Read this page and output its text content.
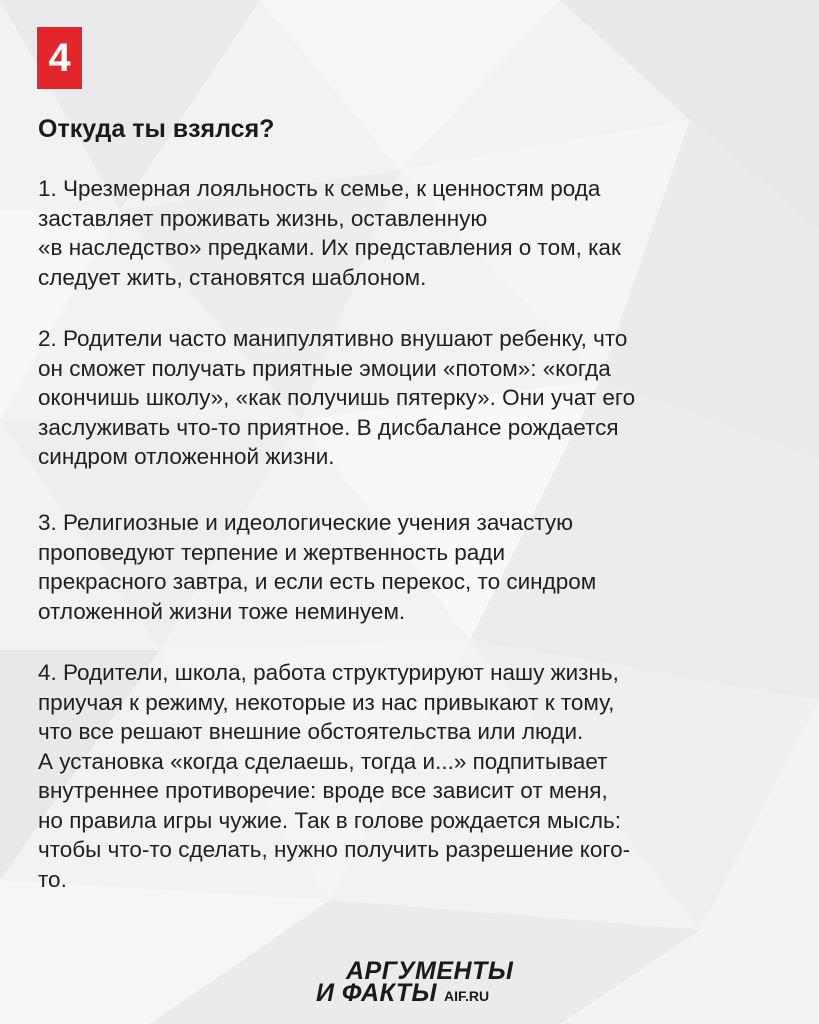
4
Откуда ты взялся?
1. Чрезмерная лояльность к семье, к ценностям рода
заставляет проживать жизнь, оставленную
«в наследство» предками. Их представления о том, как
следует жить, становятся шаблоном.
2. Родители часто манипулятивно внушают ребенку, что
он сможет получать приятные эмоции «потом»: «когда
окончишь школу», «как получишь пятерку». Они учат его
заслуживать что-то приятное. В дисбалансе рождается
синдром отложенной жизни.
3. Религиозные и идеологические учения зачастую
проповедуют терпение и жертвенность ради
прекрасного завтра, и если есть перекос, то синдром
отложенной жизни тоже неминуем.
4. Родители, школа, работа структурируют нашу жизнь,
приучая к режиму, некоторые из нас привыкают к тому,
что все решают внешние обстоятельства или люди.
А установка «когда сделаешь, тогда и...» подпитывает
внутреннее противоречие: вроде все зависит от меня,
но правила игры чужие. Так в голове рождается мысль:
чтобы что-то сделать, нужно получить разрешение кого-
то.
АРГУМЕНТЫ
И ФАКТЫ AIF.RU
